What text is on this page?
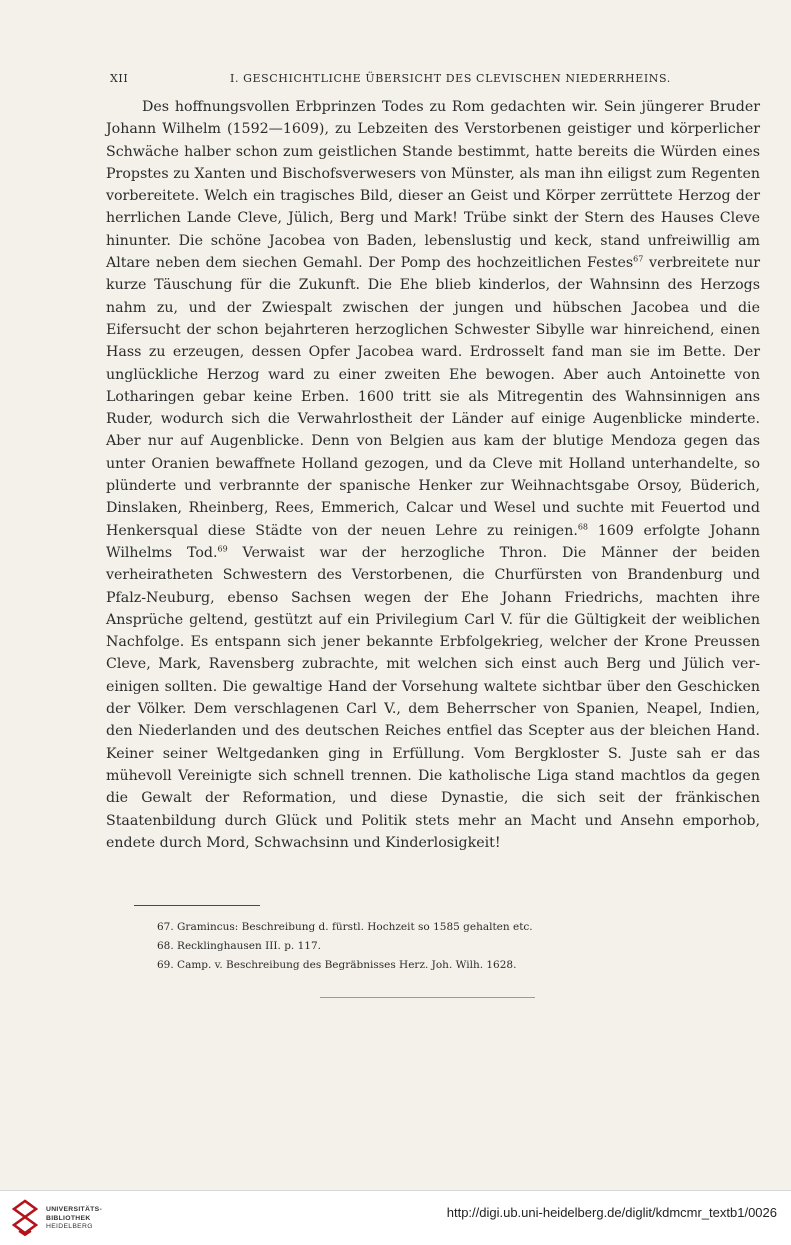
XII	I. GESCHICHTLICHE ÜBERSICHT DES CLEVISCHEN NIEDERRHEINS.

Des hoffnungsvollen Erbprinzen Todes zu Rom gedachten wir. Sein jüngerer Bruder Johann Wilhelm (1592—1609), zu Lebzeiten des Verstorbenen geistiger und körperlicher Schwäche halber schon zum geistlichen Stande bestimmt, hatte bereits die Würden eines Propstes zu Xanten und Bischofsverwesers von Münster, als man ihn eiligst zum Regenten vorbereitete. Welch ein tragisches Bild, dieser an Geist und Körper zerrüttete Herzog der herrlichen Lande Cleve, Jülich, Berg und Mark! Trübe sinkt der Stern des Hauses Cleve hinunter. Die schöne Jacobea von Baden, lebenslustig und keck, stand unfreiwillig am Altare neben dem siechen Gemahl. Der Pomp des hochzeitlichen Festes$^{67}$ verbreitete nur kurze Täuschung für die Zukunft. Die Ehe blieb kinderlos, der Wahnsinn des Herzogs nahm zu, und der Zwiespalt zwischen der jungen und hübschen Jacobea und die Eifersucht der schon bejahrteren herzoglichen Schwester Sibylle war hinreichend, einen Hass zu erzeugen, dessen Opfer Jacobea ward. Erdrosselt fand man sie im Bette. Der unglückliche Herzog ward zu einer zweiten Ehe bewogen. Aber auch Antoinette von Lotharingen gebar keine Erben. 1600 tritt sie als Mitregentin des Wahnsinnigen ans Ruder, wodurch sich die Verwahrlostheit der Länder auf einige Augenblicke minderte. Aber nur auf Augenblicke. Denn von Belgien aus kam der blutige Mendoza gegen das unter Oranien bewaffnete Holland gezogen, und da Cleve mit Holland unterhandelte, so plünderte und verbrannte der spanische Henker zur Weihnachtsgabe Orsoy, Büderich, Dinslaken, Rheinberg, Rees, Emmerich, Calcar und Wesel und suchte mit Feuertod und Henkersqual diese Städte von der neuen Lehre zu reinigen.$^{68}$ 1609 erfolgte Johann Wilhelms Tod.$^{69}$ Verwaist war der herzogliche Thron. Die Männer der beiden verheiratheten Schwestern des Verstorbenen, die Churfürsten von Brandenburg und Pfalz-Neuburg, ebenso Sachsen wegen der Ehe Johann Friedrichs, machten ihre Ansprüche geltend, gestützt auf ein Privilegium Carl V. für die Gültigkeit der weiblichen Nachfolge. Es entspann sich jener bekannte Erbfolgekrieg, welcher der Krone Preussen Cleve, Mark, Ravensberg zubrachte, mit welchen sich einst auch Berg und Jülich vereinigen sollten. Die gewaltige Hand der Vorsehung waltete sichtbar über den Geschicken der Völker. Dem verschlagenen Carl V., dem Beherrscher von Spanien, Neapel, Indien, den Niederlanden und des deutschen Reiches entfiel das Scepter aus der bleichen Hand. Keiner seiner Weltgedanken ging in Erfüllung. Vom Bergkloster S. Juste sah er das mühevoll Vereinigte sich schnell trennen. Die katholische Liga stand machtlos da gegen die Gewalt der Reformation, und diese Dynastie, die sich seit der fränkischen Staatenbildung durch Glück und Politik stets mehr an Macht und Ansehn emporhob, endete durch Mord, Schwachsinn und Kinderlosigkeit!

67. Graminсus: Beschreibung d. fürstl. Hochzeit so 1585 gehalten etc.
68. Recklinghausen III. p. 117.
69. Camp. v. Beschreibung des Begräbnisses Herz. Joh. Wilh. 1628.
UNIVERSITÄTS-
BIBLIOTHEK
HEIDELBERG
http://digi.ub.uni-heidelberg.de/diglit/kdmcmr_textb1/0026
